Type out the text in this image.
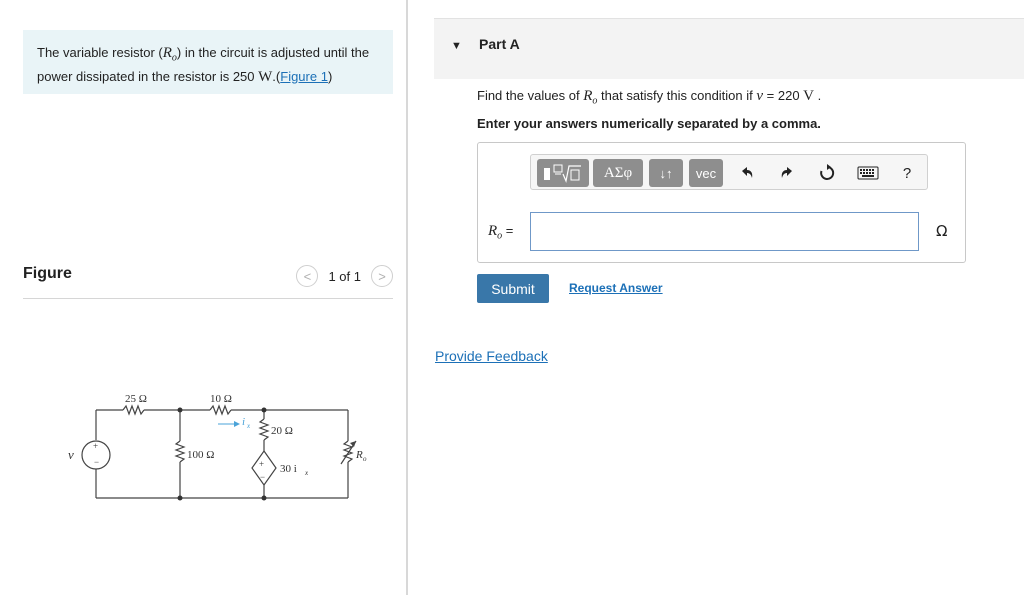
The variable resistor $(R_o)$ in the circuit is adjusted until the power dissipated in the resistor is 250 W.(Figure 1)
Figure	< 1 of 1 >
25 Ω	10 Ω
100 Ω
20 Ω
v
+
−	+
−
i x
30 i x
R o
▼ Part A
Find the values of $R_o$ that satisfy this condition if v = 220 V .
Enter your answers numerically separated by a comma.
ΑΣφ	↓↑	vec	?
$R_o$ =	Ω
Submit	Request Answer
Provide Feedback
